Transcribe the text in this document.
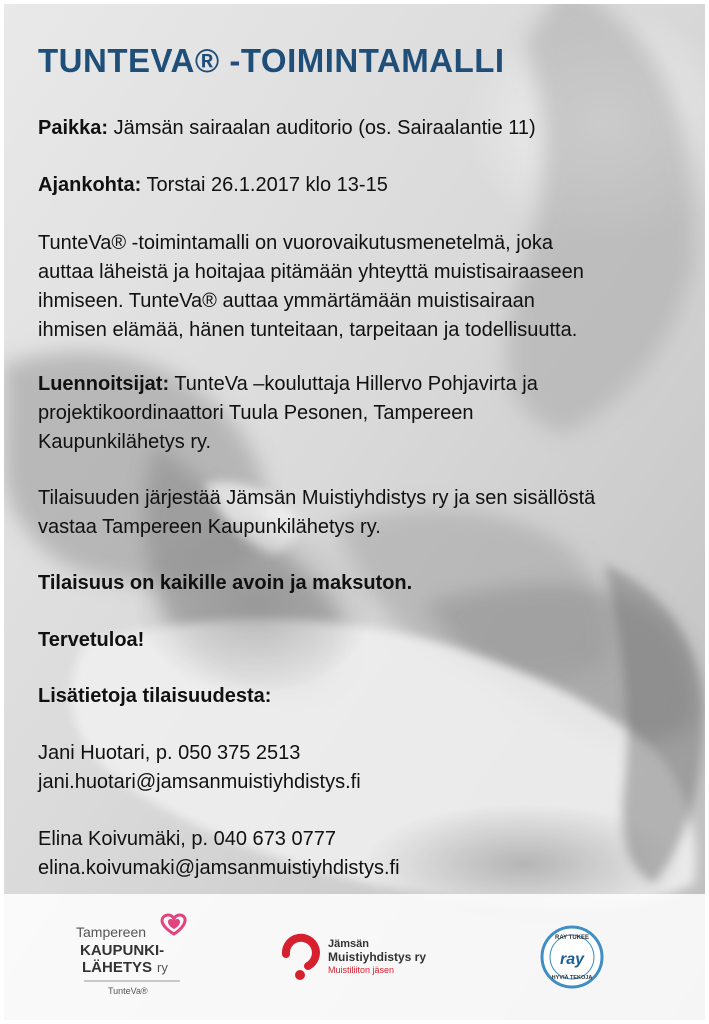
TUNTEVA® -TOIMINTAMALLI

Paikka: Jämsän sairaalan auditorio (os. Sairaalantie 11)

Ajankohta: Torstai 26.1.2017 klo 13-15

TunteVa® -toimintamalli on vuorovaikutusmenetelmä, joka

auttaa läheistä ja hoitajaa pitämään yhteyttä muistisairaaseen

ihmiseen. TunteVa® auttaa ymmärtämään muistisairaan

ihmisen elämää, hänen tunteitaan, tarpeitaan ja todellisuutta.

Luennoitsijat: TunteVa –kouluttaja Hillervo Pohjavirta ja

projektikoordinaattori Tuula Pesonen, Tampereen

Kaupunkilähetys ry.

Tilaisuuden järjestää Jämsän Muistiyhdistys ry ja sen sisällöstä

vastaa Tampereen Kaupunkilähetys ry.

Tilaisuus on kaikille avoin ja maksuton.

Tervetuloa!

Lisätietoja tilaisuudesta:

Jani Huotari, p. 050 375 2513

jani.huotari@jamsanmuistiyhdistys.fi

Elina Koivumäki, p. 040 673 0777

elina.koivumaki@jamsanmuistiyhdistys.fi

Tampereen
KAUPUNKI-
LÄHETYS ry
TunteVa®
Jämsän
Muistiyhdistys ry
Muistiliiton jäsen
RAY TUKEE
ray
HYVIÄ TEKOJA
